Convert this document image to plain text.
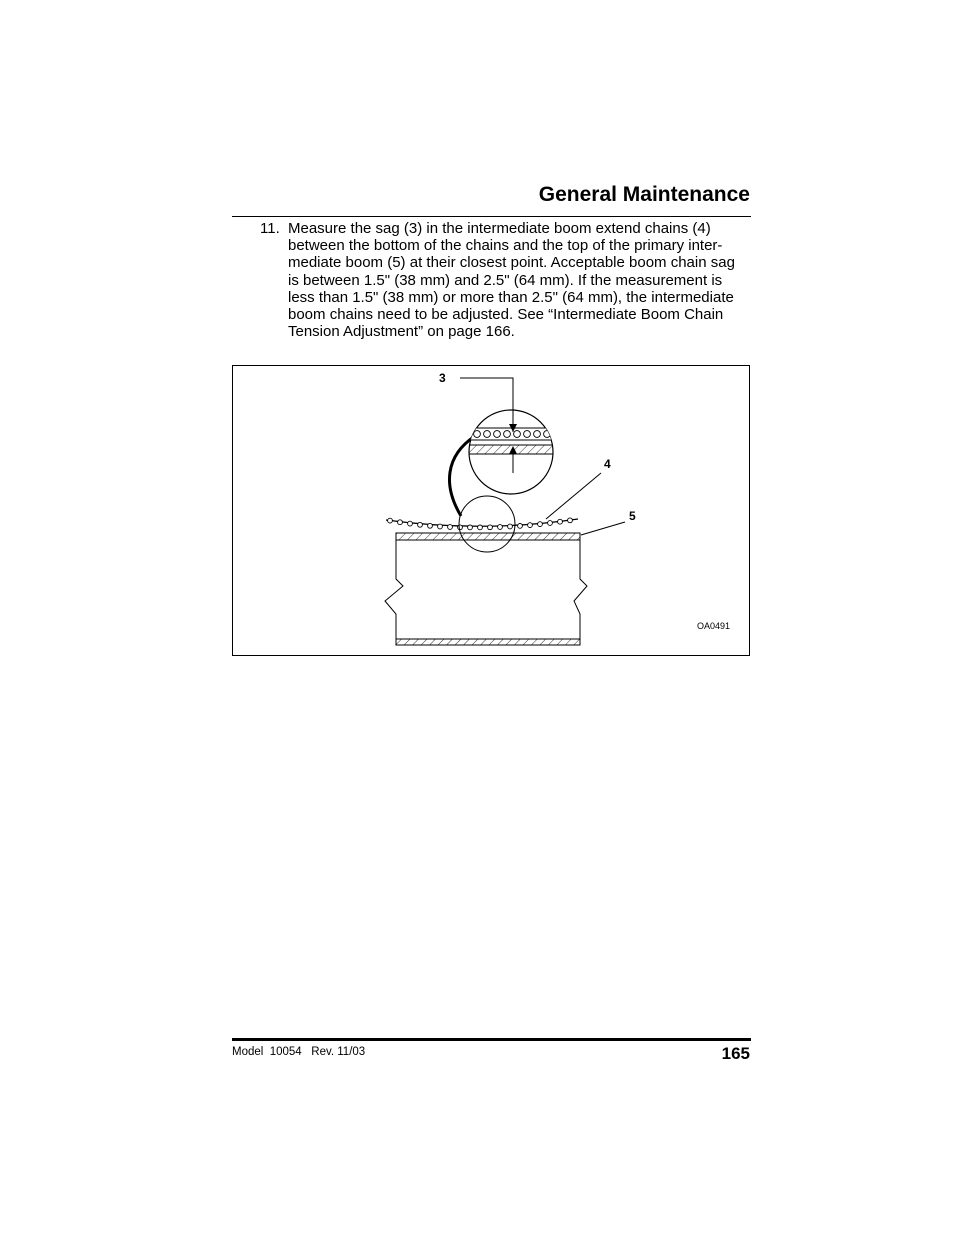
General Maintenance
11. Measure the sag (3) in the intermediate boom extend chains (4)
between the bottom of the chains and the top of the primary inter-
mediate boom (5) at their closest point. Acceptable boom chain sag
is between 1.5" (38 mm) and 2.5" (64 mm). If the measurement is
less than 1.5" (38 mm) or more than 2.5" (64 mm), the intermediate
boom chains need to be adjusted. See “Intermediate Boom Chain
Tension Adjustment” on page 166.
3
4
5
OA0491
Model  10054   Rev. 11/03	165
